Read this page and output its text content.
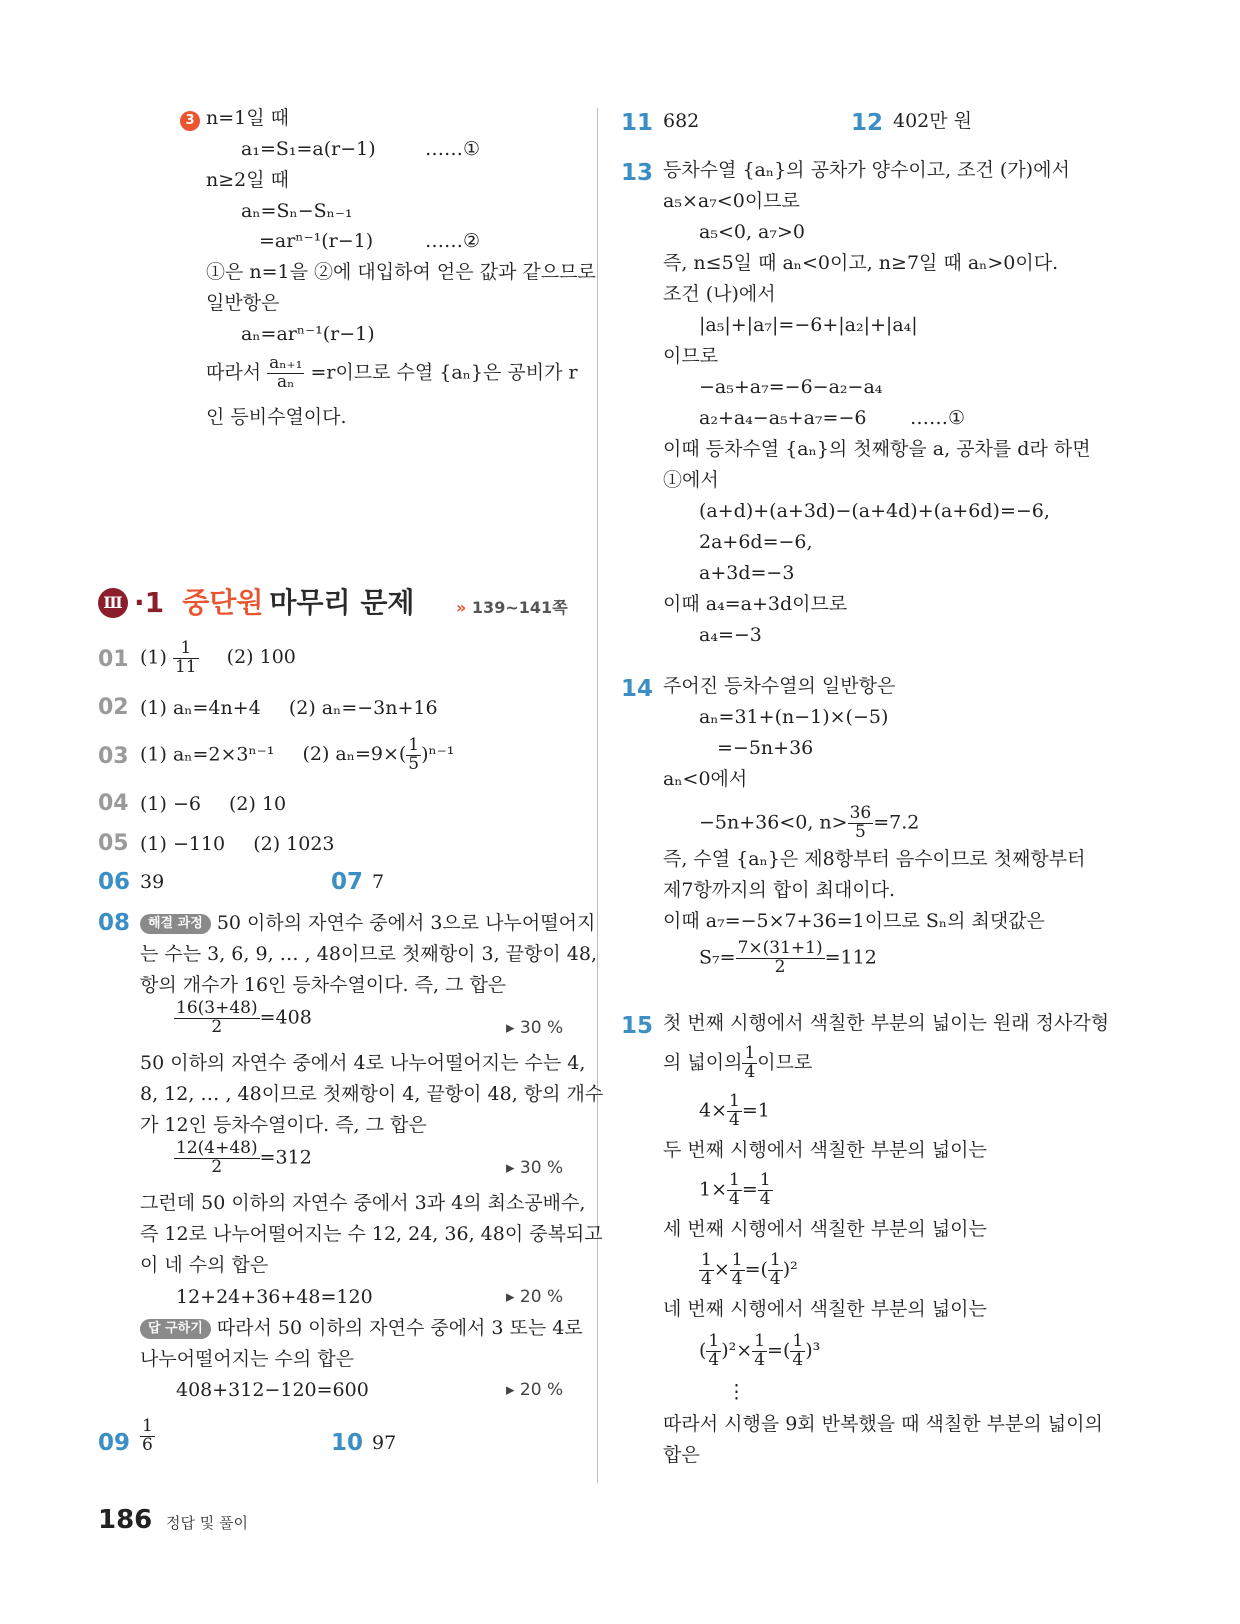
3 n=1일 때
a₁=S₁=a(r−1)	……①
n≥2일 때
aₙ=Sₙ−Sₙ₋₁
=arⁿ⁻¹(r−1)	……②
①은 n=1을 ②에 대입하여 얻은 값과 같으므로
일반항은
aₙ=arⁿ⁻¹(r−1)
따라서 $\frac{\text{aₙ₊₁}}{\text{aₙ}} =r$이므로 수열 {aₙ}은 공비가 r
인 등비수열이다.
Ⅲ ·1 중단원 마무리 문제	» 139~141쪽
01 $(1) \frac{1}{11} (2)$ 100
02 (1) aₙ=4n+4 (2) aₙ=−3n+16
03 (1) aₙ=2×3ⁿ⁻¹ (2) $a_n=9\times( \frac{1}{5} )^{n-1}$
04 (1) −6 (2) 10
05 (1) −110 (2) 1023
06 39	07 7
08	해결 과정 50 이하의 자연수 중에서 3으로 나누어떨어지
는 수는 3, 6, 9, … , 48이므로 첫째항이 3, 끝항이 48,
항의 개수가 16인 등차수열이다. 즉, 그 합은
$\frac{16(3+48)}{2} =408$	▸ 30 %
50 이하의 자연수 중에서 4로 나누어떨어지는 수는 4,
8, 12, … , 48이므로 첫째항이 4, 끝항이 48, 항의 개수
가 12인 등차수열이다. 즉, 그 합은
$\frac{12(4+48)}{2} =312$	▸ 30 %
그런데 50 이하의 자연수 중에서 3과 4의 최소공배수,
즉 12로 나누어떨어지는 수 12, 24, 36, 48이 중복되고
이 네 수의 합은
12+24+36+48=120	▸ 20 %
답 구하기 따라서 50 이하의 자연수 중에서 3 또는 4로
나누어떨어지는 수의 합은
408+312−120=600	▸ 20 %
$09 \frac{1}{6}$	10 97
11 682	12 402만 원
13 등차수열 {aₙ}의 공차가 양수이고, 조건 (가)에서
a₅×a₇<0이므로
a₅<0, a₇>0
즉, n≤5일 때 aₙ<0이고, n≥7일 때 aₙ>0이다.
조건 (나)에서
|a₅|+|a₇|=−6+|a₂|+|a₄|
이므로
−a₅+a₇=−6−a₂−a₄
a₂+a₄−a₅+a₇=−6 ……①
이때 등차수열 {aₙ}의 첫째항을 a, 공차를 d라 하면
①에서
(a+d)+(a+3d)−(a+4d)+(a+6d)=−6,
2a+6d=−6,
a+3d=−3
이때 a₄=a+3d이므로
a₄=−3
14 주어진 등차수열의 일반항은
aₙ=31+(n−1)×(−5)
=−5n+36
aₙ<0에서
−5n+36<0, $n> \frac{36}{5} =7.2$
즉, 수열 {aₙ}은 제8항부터 음수이므로 첫째항부터
제7항까지의 합이 최대이다.
이때 a₇=−5×7+36=1이므로 Sₙ의 최댓값은
$S_7= \frac{7\times(31+1)}{2} =112$
15 첫 번째 시행에서 색칠한 부분의 넓이는 원래 정사각형
의 넓이의 $\frac{1}{4}$ 이므로
$4\times \frac{1}{4} =1$
두 번째 시행에서 색칠한 부분의 넓이는
$1\times \frac{1}{4} = \frac{1}{4}$
세 번째 시행에서 색칠한 부분의 넓이는
$\frac{1}{4} \times \frac{1}{4}$ =( $\frac{1}{4} )^2$
네 번째 시행에서 색칠한 부분의 넓이는
( $\frac{1}{4} )^2\times \frac{1}{4}$ =( $\frac{1}{4} )^3$
⋮
따라서 시행을 9회 반복했을 때 색칠한 부분의 넓이의
합은
186 정답 및 풀이
